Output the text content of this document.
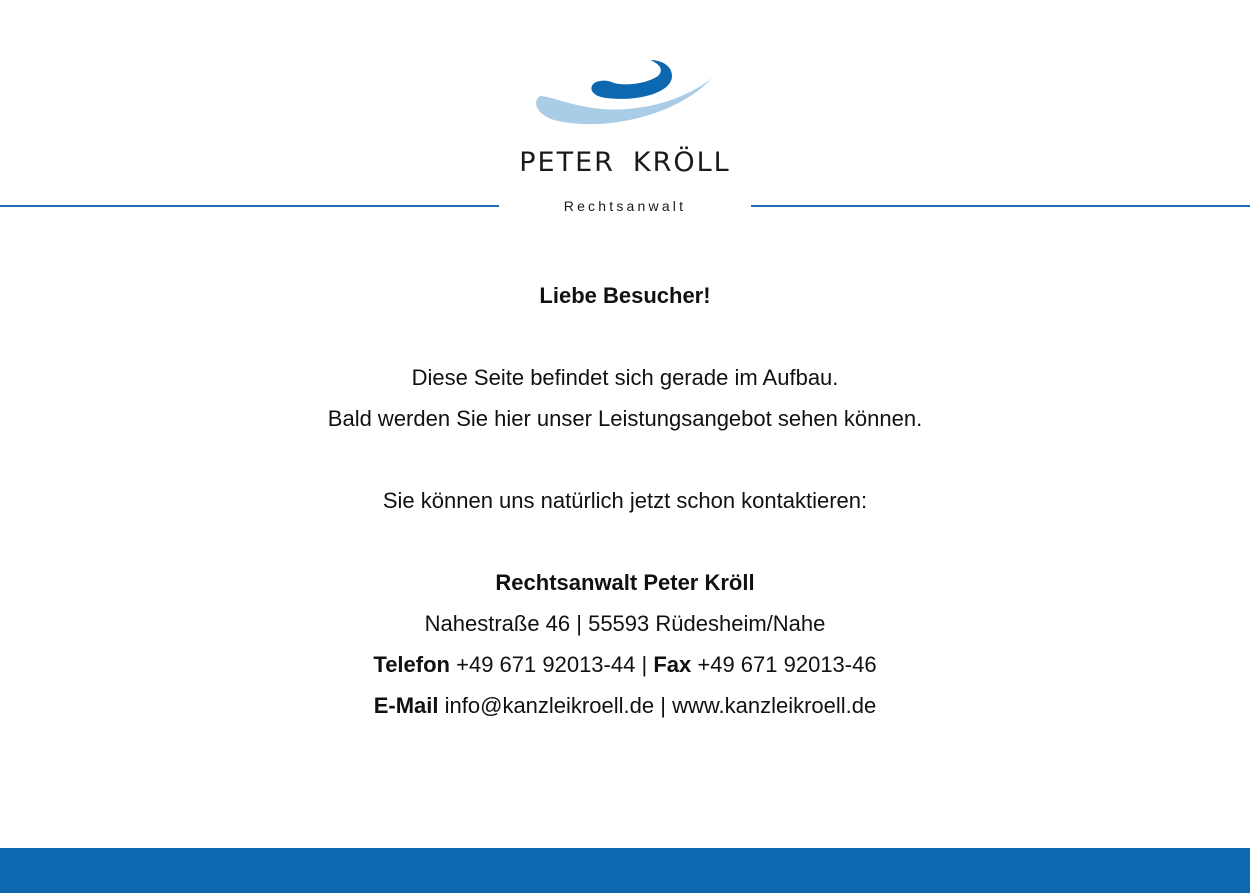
PETER KRÖLL
Rechtsanwalt

Liebe Besucher!

Diese Seite befindet sich gerade im Aufbau.

Bald werden Sie hier unser Leistungsangebot sehen können.

Sie können uns natürlich jetzt schon kontaktieren:

Rechtsanwalt Peter Kröll

Nahestraße 46 | 55593 Rüdesheim/Nahe

Telefon +49 671 92013-44 | Fax +49 671 92013-46

E-Mail info@kanzleikroell.de | www.kanzleikroell.de
